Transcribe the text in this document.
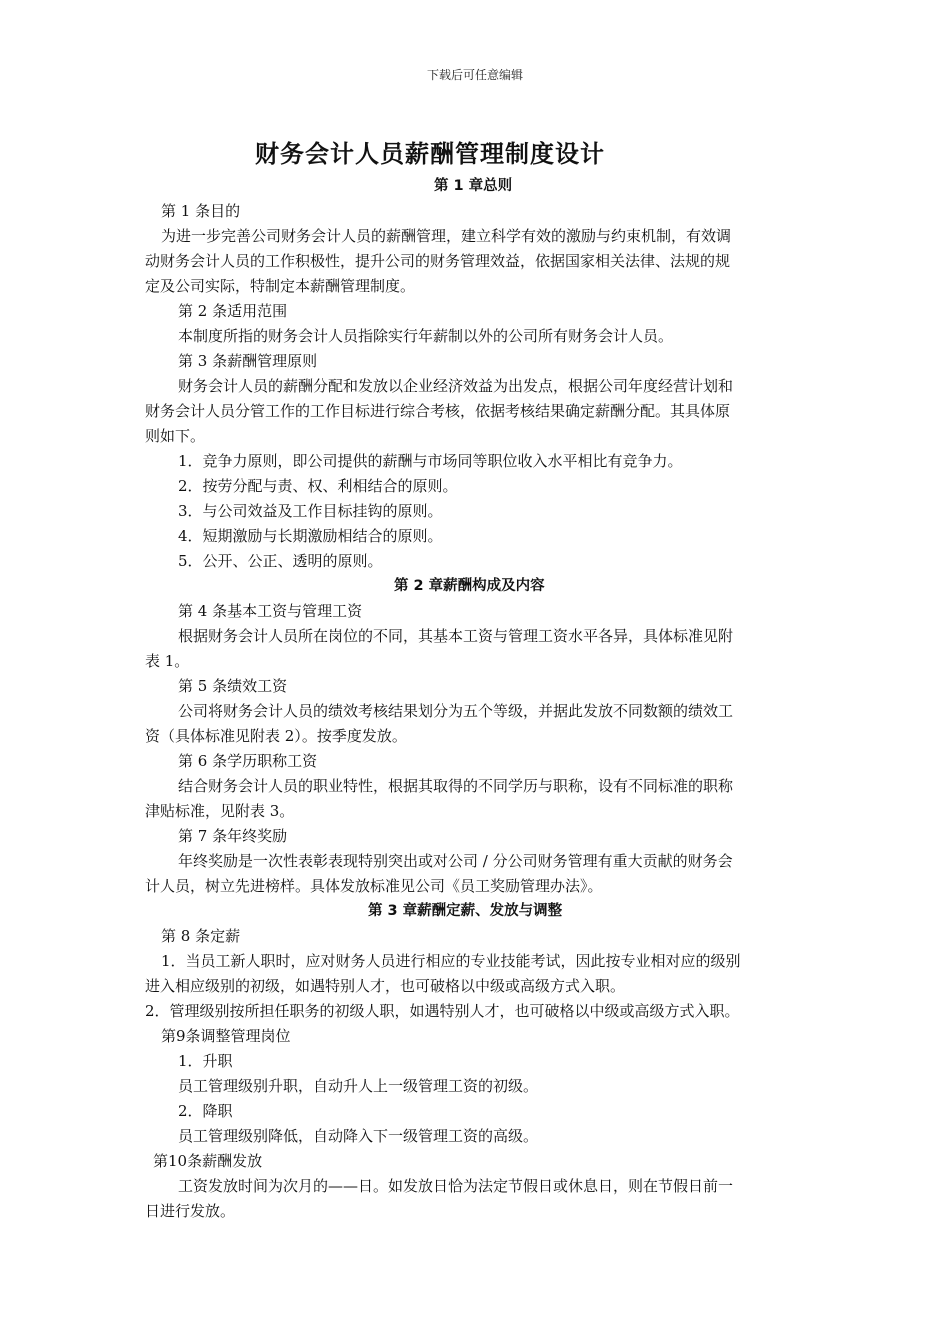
下载后可任意编辑
财务会计人员薪酬管理制度设计
第 1 章总则
第 1 条目的
为进一步完善公司财务会计人员的薪酬管理，建立科学有效的激励与约束机制，有效调
动财务会计人员的工作积极性，提升公司的财务管理效益，依据国家相关法律、法规的规
定及公司实际，特制定本薪酬管理制度。
第 2 条适用范围
本制度所指的财务会计人员指除实行年薪制以外的公司所有财务会计人员。
第 3 条薪酬管理原则
财务会计人员的薪酬分配和发放以企业经济效益为出发点，根据公司年度经营计划和
财务会计人员分管工作的工作目标进行综合考核，依据考核结果确定薪酬分配。其具体原
则如下。
1．竞争力原则，即公司提供的薪酬与市场同等职位收入水平相比有竞争力。
2．按劳分配与责、权、利相结合的原则。
3．与公司效益及工作目标挂钩的原则。
4．短期激励与长期激励相结合的原则。
5．公开、公正、透明的原则。
第 2 章薪酬构成及内容
第 4 条基本工资与管理工资
根据财务会计人员所在岗位的不同，其基本工资与管理工资水平各异，具体标准见附
表 1。
第 5 条绩效工资
公司将财务会计人员的绩效考核结果划分为五个等级，并据此发放不同数额的绩效工
资（具体标准见附表 2）。按季度发放。
第 6 条学历职称工资
结合财务会计人员的职业特性，根据其取得的不同学历与职称，设有不同标准的职称
津贴标准，见附表 3。
第 7 条年终奖励
年终奖励是一次性表彰表现特别突出或对公司 / 分公司财务管理有重大贡献的财务会
计人员，树立先进榜样。具体发放标准见公司《员工奖励管理办法》。
第 3 章薪酬定薪、发放与调整
第 8 条定薪
1．当员工新人职时，应对财务人员进行相应的专业技能考试，因此按专业相对应的级别
进入相应级别的初级，如遇特别人才，也可破格以中级或高级方式入职。
2．管理级别按所担任职务的初级人职，如遇特别人才，也可破格以中级或高级方式入职。
第9条调整管理岗位
1．升职
员工管理级别升职，自动升人上一级管理工资的初级。
2．降职
员工管理级别降低，自动降入下一级管理工资的高级。
第10条薪酬发放
工资发放时间为次月的——日。如发放日恰为法定节假日或休息日，则在节假日前一
日进行发放。
